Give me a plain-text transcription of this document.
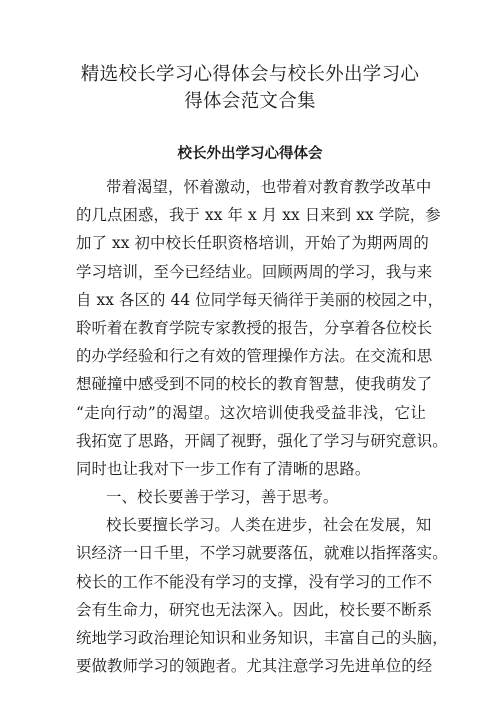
精选校长学习心得体会与校长外出学习心
得体会范文合集
校长外出学习心得体会
带着渴望，怀着激动，也带着对教育教学改革中
的几点困惑，我于 xx 年 x 月 xx 日来到 xx 学院，参
加了 xx 初中校长任职资格培训，开始了为期两周的
学习培训，至今已经结业。回顾两周的学习，我与来
自 xx 各区的 44 位同学每天徜徉于美丽的校园之中，
聆听着在教育学院专家教授的报告，分享着各位校长
的办学经验和行之有效的管理操作方法。在交流和思
想碰撞中感受到不同的校长的教育智慧，使我萌发了
“走向行动”的渴望。这次培训使我受益非浅，它让
我拓宽了思路，开阔了视野，强化了学习与研究意识。
同时也让我对下一步工作有了清晰的思路。
一、校长要善于学习，善于思考。
校长要擅长学习。人类在进步，社会在发展，知
识经济一日千里，不学习就要落伍，就难以指挥落实。
校长的工作不能没有学习的支撑，没有学习的工作不
会有生命力，研究也无法深入。因此，校长要不断系
统地学习政治理论知识和业务知识，丰富自己的头脑，
要做教师学习的领跑者。尤其注意学习先进单位的经
